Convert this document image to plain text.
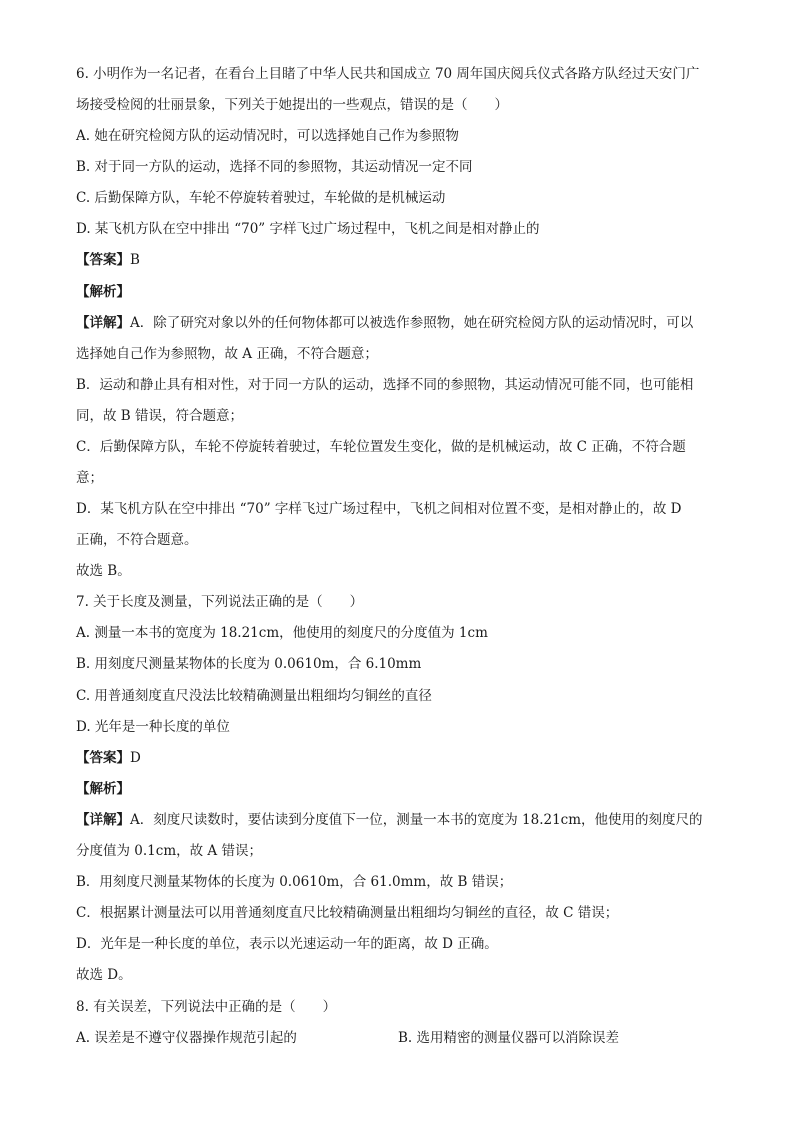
6. 小明作为一名记者，在看台上目睹了中华人民共和国成立 70 周年国庆阅兵仪式各路方队经过天安门广
场接受检阅的壮丽景象，下列关于她提出的一些观点，错误的是（　　）
A. 她在研究检阅方队的运动情况时，可以选择她自己作为参照物
B. 对于同一方队的运动，选择不同的参照物，其运动情况一定不同
C. 后勤保障方队，车轮不停旋转着驶过，车轮做的是机械运动
D. 某飞机方队在空中排出 “70” 字样飞过广场过程中，飞机之间是相对静止的
【答案】B
【解析】
【详解】A．除了研究对象以外的任何物体都可以被选作参照物，她在研究检阅方队的运动情况时，可以
选择她自己作为参照物，故 A 正确，不符合题意；
B．运动和静止具有相对性，对于同一方队的运动，选择不同的参照物，其运动情况可能不同，也可能相
同，故 B 错误，符合题意；
C．后勤保障方队，车轮不停旋转着驶过，车轮位置发生变化，做的是机械运动，故 C 正确，不符合题
意；
D．某飞机方队在空中排出 “70” 字样飞过广场过程中，飞机之间相对位置不变，是相对静止的，故 D
正确，不符合题意。
故选 B。
7. 关于长度及测量，下列说法正确的是（　　）
A. 测量一本书的宽度为 18.21cm，他使用的刻度尺的分度值为 1cm
B. 用刻度尺测量某物体的长度为 0.0610m，合 6.10mm
C. 用普通刻度直尺没法比较精确测量出粗细均匀铜丝的直径
D. 光年是一种长度的单位
【答案】D
【解析】
【详解】A．刻度尺读数时，要估读到分度值下一位，测量一本书的宽度为 18.21cm，他使用的刻度尺的
分度值为 0.1cm，故 A 错误；
B．用刻度尺测量某物体的长度为 0.0610m，合 61.0mm，故 B 错误；
C．根据累计测量法可以用普通刻度直尺比较精确测量出粗细均匀铜丝的直径，故 C 错误；
D．光年是一种长度的单位，表示以光速运动一年的距离，故 D 正确。
故选 D。
8. 有关误差，下列说法中正确的是（　　）
A. 误差是不遵守仪器操作规范引起的	B. 选用精密的测量仪器可以消除误差
